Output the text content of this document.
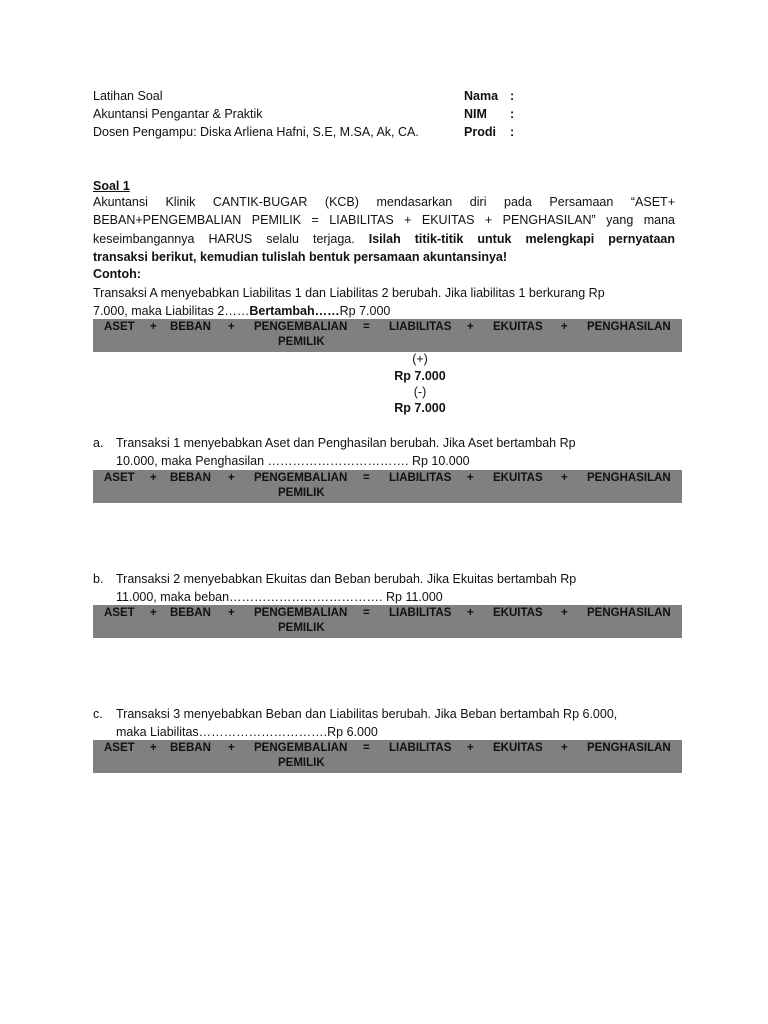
Latihan Soal
Akuntansi Pengantar & Praktik
Dosen Pengampu: Diska Arliena Hafni, S.E, M.SA, Ak, CA.
Nama :
NIM :
Prodi :
Soal 1
Akuntansi Klinik CANTIK-BUGAR (KCB) mendasarkan diri pada Persamaan “ASET+
BEBAN+PENGEMBALIAN PEMILIK = LIABILITAS + EKUITAS + PENGHASILAN” yang mana
keseimbangannya HARUS selalu terjaga. Isilah titik-titik untuk melengkapi pernyataan
transaksi berikut, kemudian tulislah bentuk persamaan akuntansinya!
Contoh:
Transaksi A menyebabkan Liabilitas 1 dan Liabilitas 2 berubah. Jika liabilitas 1 berkurang Rp
7.000, maka Liabilitas 2……Bertambah……Rp 7.000
ASET + BEBAN + PENGEMBALIAN = LIABILITAS + EKUITAS + PENGHASILAN
PEMILIK
(+)
Rp 7.000
(-)
Rp 7.000
a. Transaksi 1 menyebabkan Aset dan Penghasilan berubah. Jika Aset bertambah Rp
10.000, maka Penghasilan ……………………………. Rp 10.000
ASET + BEBAN + PENGEMBALIAN = LIABILITAS + EKUITAS + PENGHASILAN
PEMILIK
b. Transaksi 2 menyebabkan Ekuitas dan Beban berubah. Jika Ekuitas bertambah Rp
11.000, maka beban………………………………. Rp 11.000
ASET + BEBAN + PENGEMBALIAN = LIABILITAS + EKUITAS + PENGHASILAN
PEMILIK
c. Transaksi 3 menyebabkan Beban dan Liabilitas berubah. Jika Beban bertambah Rp 6.000,
maka Liabilitas………………………….Rp 6.000
ASET + BEBAN + PENGEMBALIAN = LIABILITAS + EKUITAS + PENGHASILAN
PEMILIK
